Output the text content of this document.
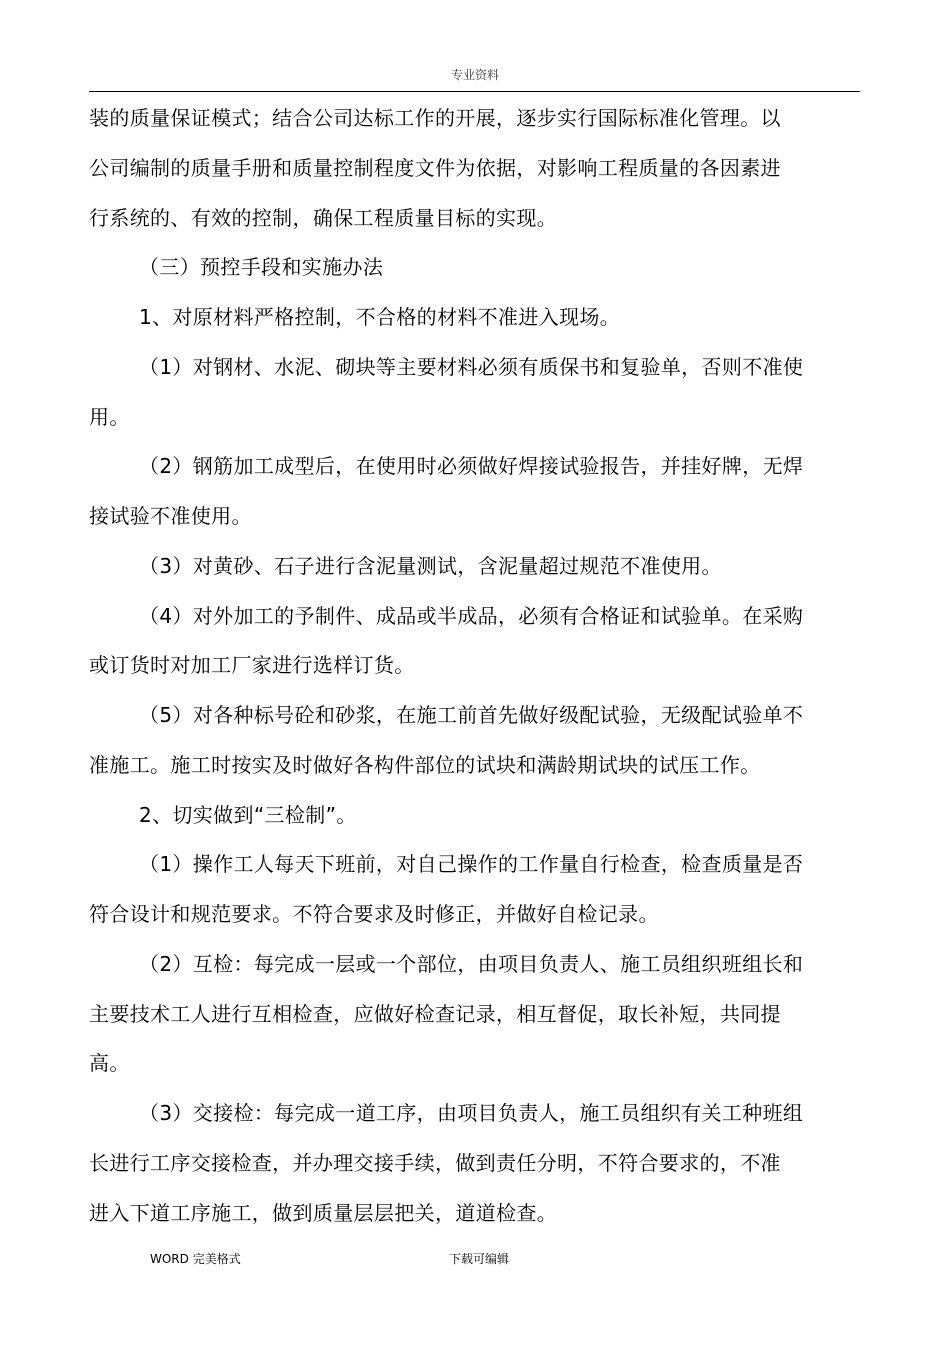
专业资料
装的质量保证模式；结合公司达标工作的开展，逐步实行国际标准化管理。以
公司编制的质量手册和质量控制程度文件为依据，对影响工程质量的各因素进
行系统的、有效的控制，确保工程质量目标的实现。
（三）预控手段和实施办法
1、对原材料严格控制，不合格的材料不准进入现场。
（1）对钢材、水泥、砌块等主要材料必须有质保书和复验单，否则不准使
用。
（2）钢筋加工成型后，在使用时必须做好焊接试验报告，并挂好牌，无焊
接试验不准使用。
（3）对黄砂、石子进行含泥量测试，含泥量超过规范不准使用。
（4）对外加工的予制件、成品或半成品，必须有合格证和试验单。在采购
或订货时对加工厂家进行选样订货。
（5）对各种标号砼和砂浆，在施工前首先做好级配试验，无级配试验单不
准施工。施工时按实及时做好各构件部位的试块和满龄期试块的试压工作。
2、切实做到“三检制”。
（1）操作工人每天下班前，对自己操作的工作量自行检查，检查质量是否
符合设计和规范要求。不符合要求及时修正，并做好自检记录。
（2）互检：每完成一层或一个部位，由项目负责人、施工员组织班组长和
主要技术工人进行互相检查，应做好检查记录，相互督促，取长补短，共同提
高。
（3）交接检：每完成一道工序，由项目负责人，施工员组织有关工种班组
长进行工序交接检查，并办理交接手续，做到责任分明，不符合要求的，不准
进入下道工序施工，做到质量层层把关，道道检查。
WORD 完美格式	下载可编辑
